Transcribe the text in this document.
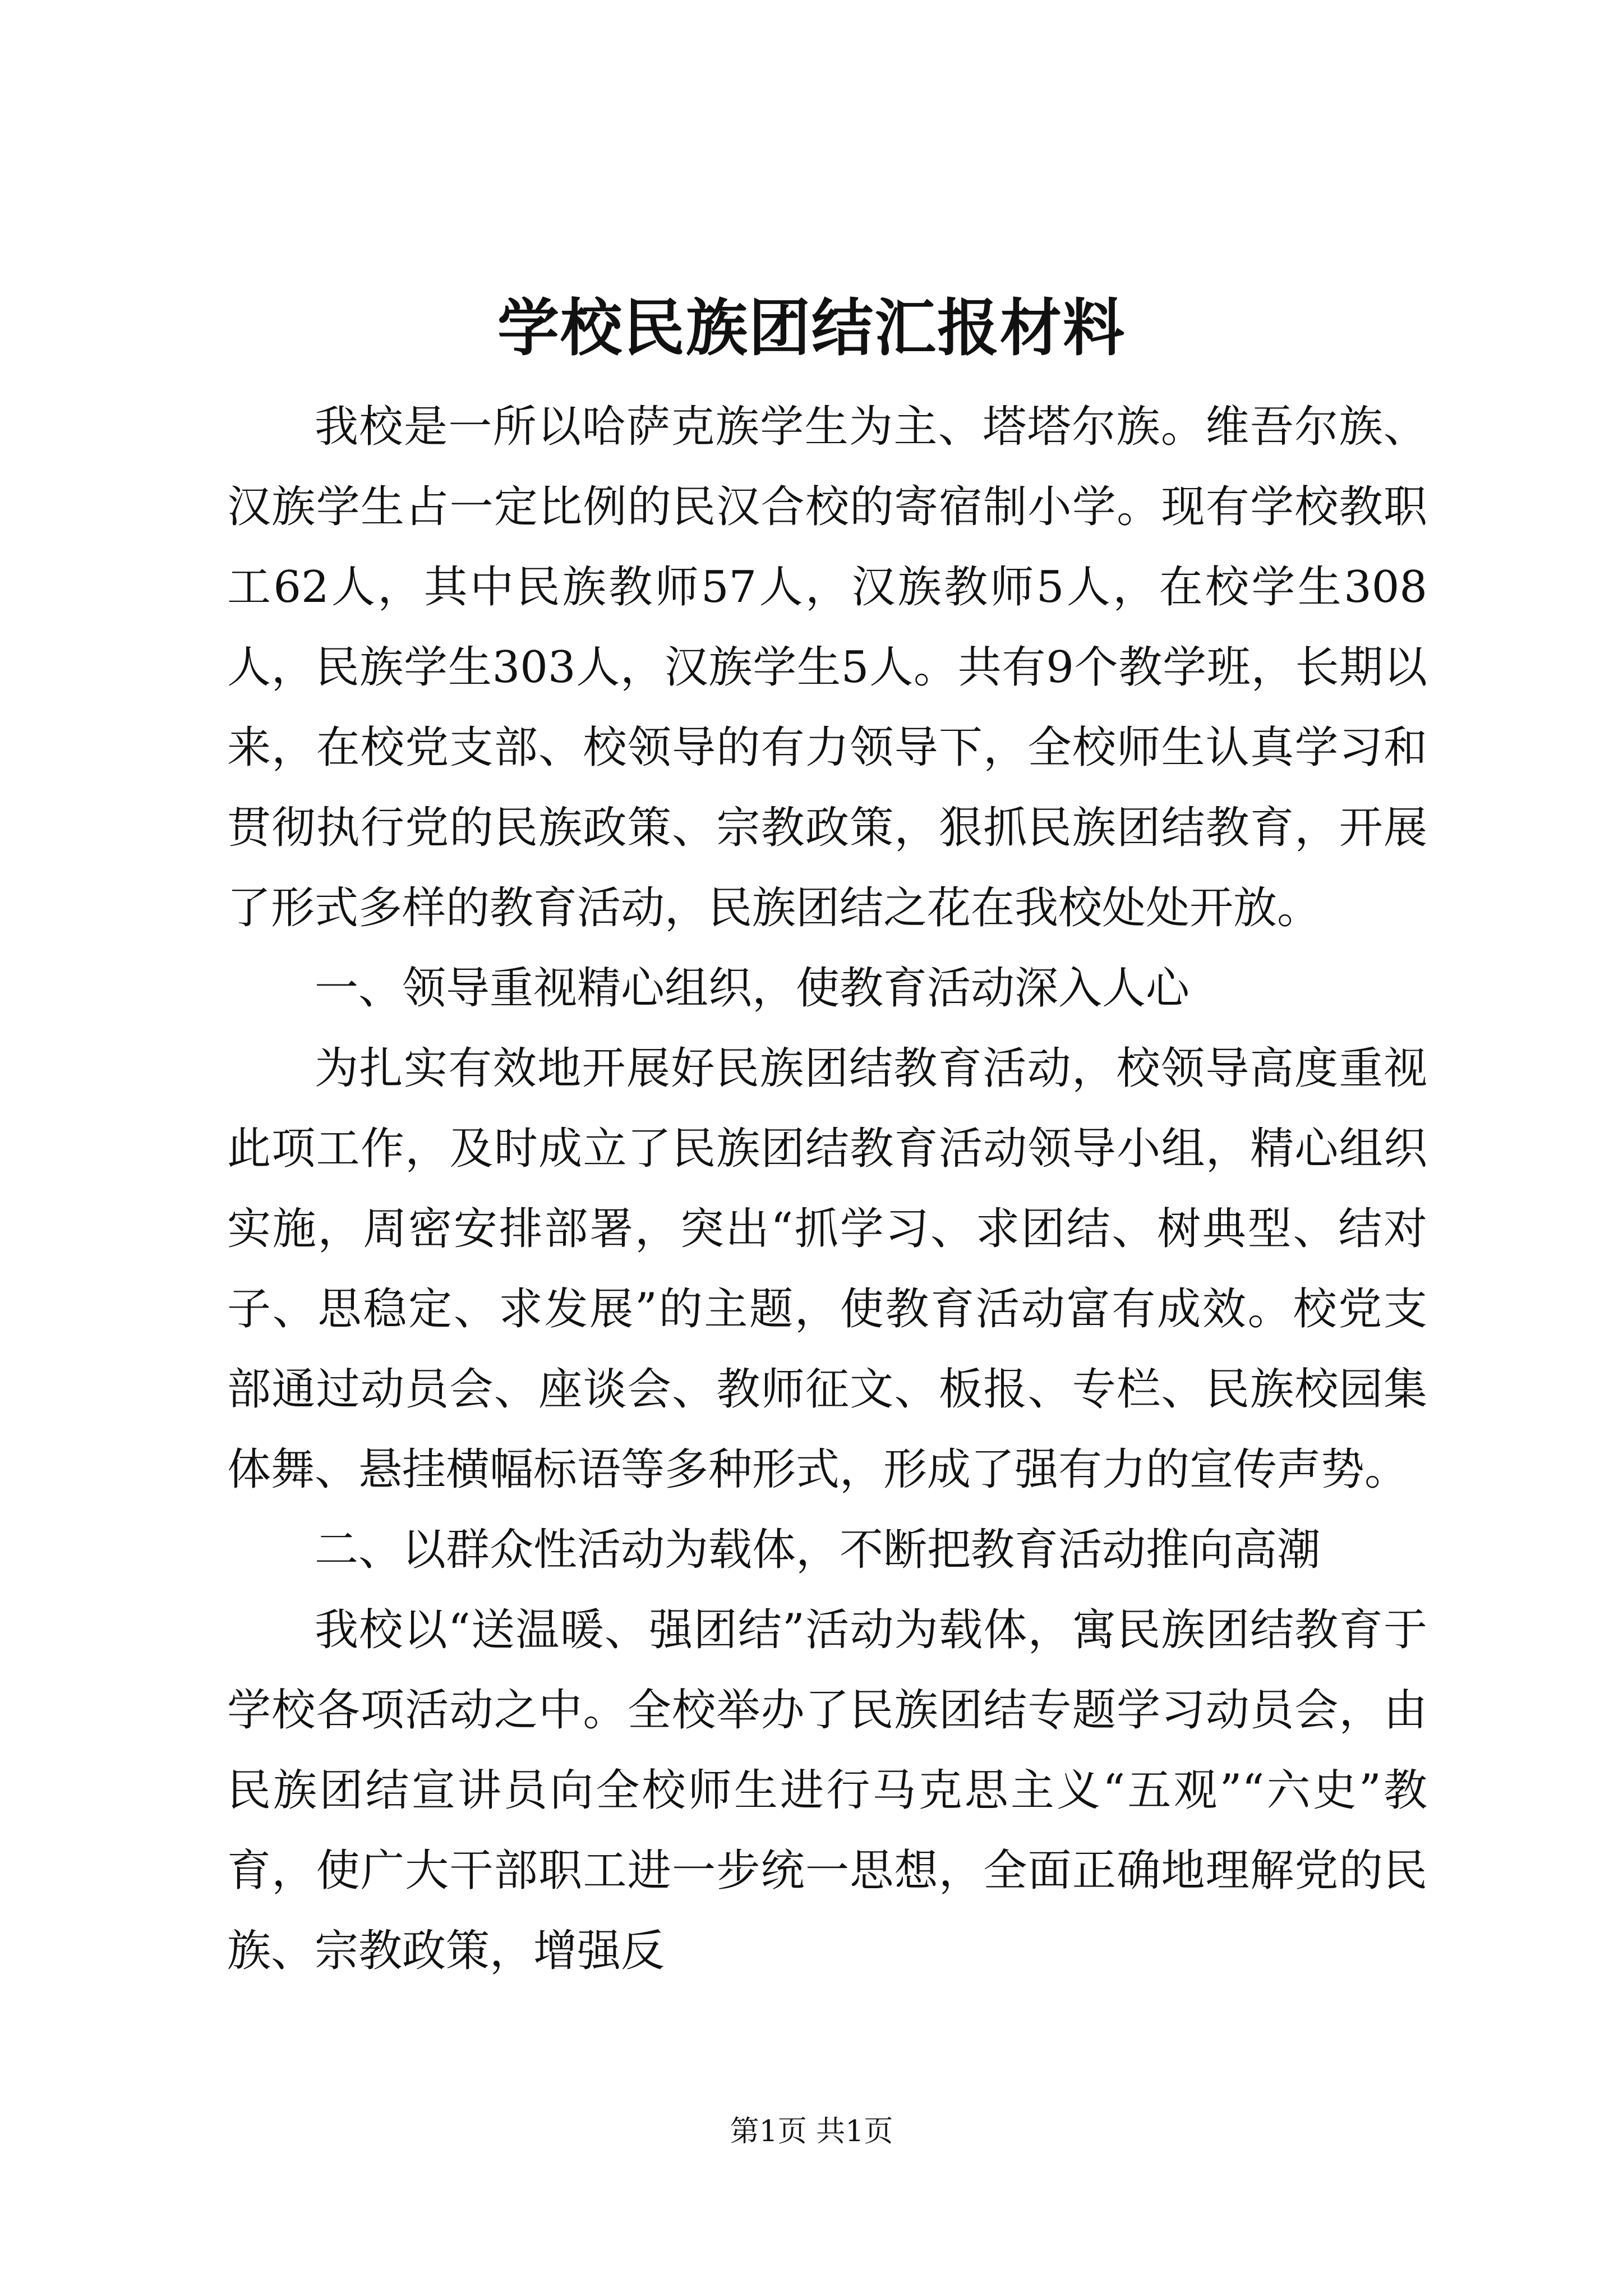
学校民族团结汇报材料

我校是一所以哈萨克族学生为主、塔塔尔族。维吾尔族、汉族学生占一定比例的民汉合校的寄宿制小学。现有学校教职工62人，其中民族教师57人，汉族教师5人，在校学生308人，民族学生303人，汉族学生5人。共有9个教学班，长期以来，在校党支部、校领导的有力领导下，全校师生认真学习和贯彻执行党的民族政策、宗教政策，狠抓民族团结教育，开展了形式多样的教育活动，民族团结之花在我校处处开放。

一、领导重视精心组织，使教育活动深入人心

为扎实有效地开展好民族团结教育活动，校领导高度重视此项工作，及时成立了民族团结教育活动领导小组，精心组织实施，周密安排部署，突出“抓学习、求团结、树典型、结对子、思稳定、求发展”的主题，使教育活动富有成效。校党支部通过动员会、座谈会、教师征文、板报、专栏、民族校园集体舞、悬挂横幅标语等多种形式，形成了强有力的宣传声势。

二、以群众性活动为载体，不断把教育活动推向高潮

我校以“送温暖、强团结”活动为载体，寓民族团结教育于学校各项活动之中。全校举办了民族团结专题学习动员会，由民族团结宣讲员向全校师生进行马克思主义“五观”“六史”教育，使广大干部职工进一步统一思想，全面正确地理解党的民族、宗教政策，增强反

第1页 共1页
